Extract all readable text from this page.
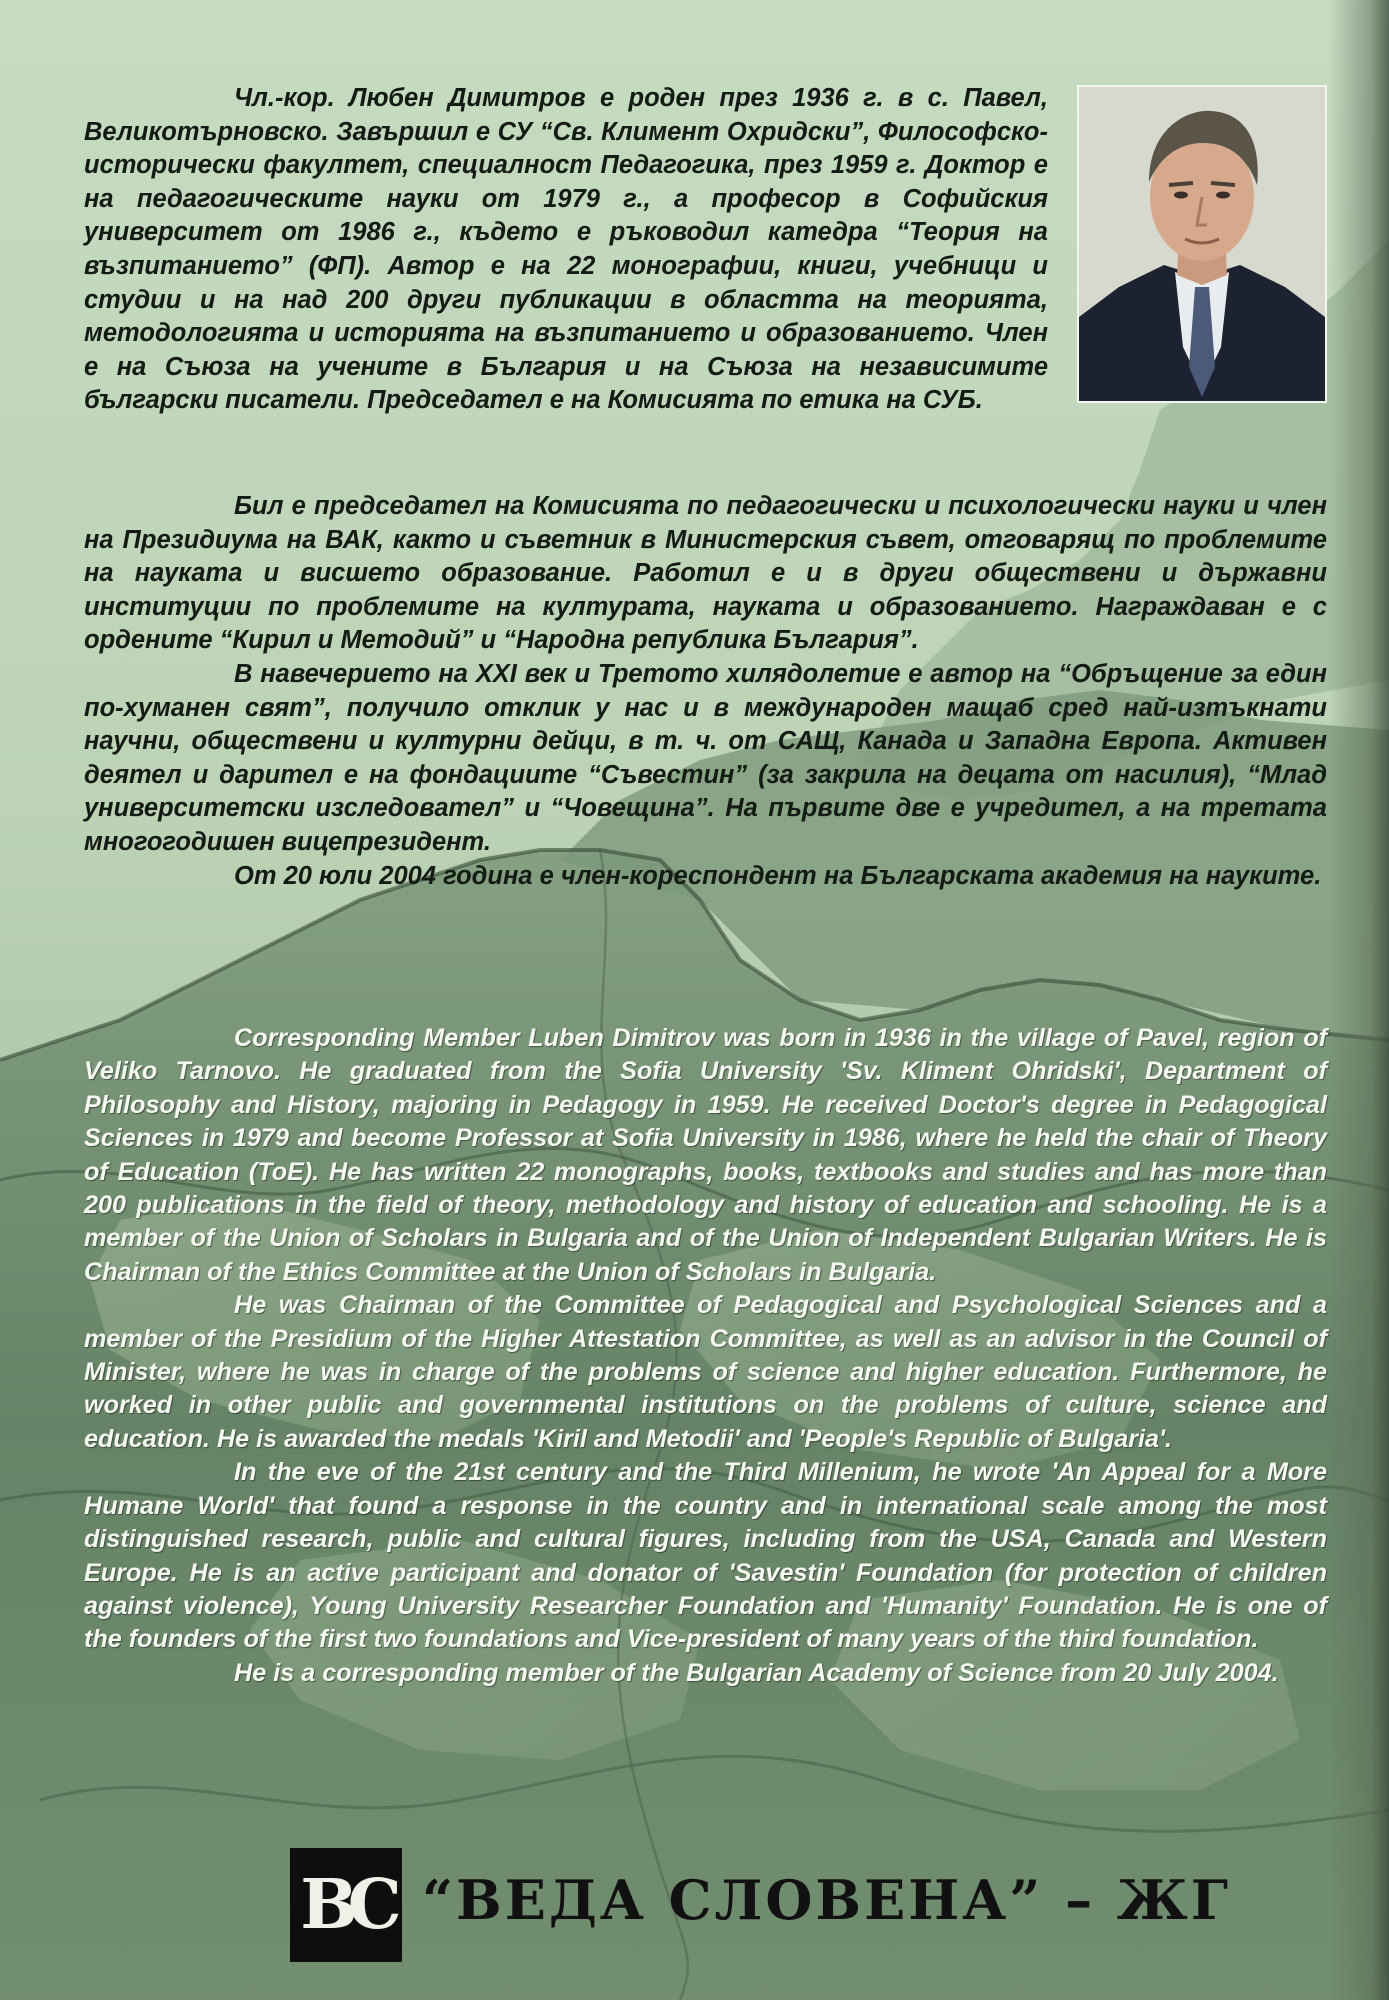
Чл.-кор. Любен Димитров е роден през 1936 г. в с. Павел, Великотърновско. Завършил е СУ “Св. Климент Охридски”, Философско-исторически факултет, специалност Педагогика, през 1959 г. Доктор е на педагогическите науки от 1979 г., а професор в Софийския университет от 1986 г., където е ръководил катедра “Теория на възпитанието” (ФП). Автор е на 22 монографии, книги, учебници и студии и на над 200 други публикации в областта на теорията, методологията и историята на възпитанието и образованието. Член е на Съюза на учените в България и на Съюза на независимите български писатели. Председател е на Комисията по етика на СУБ.

Бил е председател на Комисията по педагогически и психологически науки и член на Президиума на ВАК, както и съветник в Министерския съвет, отговарящ по проблемите на науката и висшето образование. Работил е и в други обществени и държавни институции по проблемите на културата, науката и образованието. Награждаван е с ордените “Кирил и Методий” и “Народна република България”.

В навечерието на XXI век и Третото хилядолетие е автор на “Обръщение за един по-хуманен свят”, получило отклик у нас и в международен мащаб сред най-изтъкнати научни, обществени и културни дейци, в т. ч. от САЩ, Канада и Западна Европа. Активен деятел и дарител е на фондациите “Съвестин” (за закрила на децата от насилия), “Млад университетски изследовател” и “Човещина”. На първите две е учредител, а на третата многогодишен вицепрезидент.

От 20 юли 2004 година е член-кореспондент на Българската академия на науките.

Corresponding Member Luben Dimitrov was born in 1936 in the village of Pavel, region of Veliko Tarnovo. He graduated from the Sofia University 'Sv. Kliment Ohridski', Department of Philosophy and History, majoring in Pedagogy in 1959. He received Doctor's degree in Pedagogical Sciences in 1979 and become Professor at Sofia University in 1986, where he held the chair of Theory of Education (ToE). He has written 22 monographs, books, textbooks and studies and has more than 200 publications in the field of theory, methodology and history of education and schooling. He is a member of the Union of Scholars in Bulgaria and of the Union of Independent Bulgarian Writers. He is Chairman of the Ethics Committee at the Union of Scholars in Bulgaria.

He was Chairman of the Committee of Pedagogical and Psychological Sciences and a member of the Presidium of the Higher Attestation Committee, as well as an advisor in the Council of Minister, where he was in charge of the problems of science and higher education. Furthermore, he worked in other public and governmental institutions on the problems of culture, science and education. He is awarded the medals 'Kiril and Metodii' and 'People's Republic of Bulgaria'.

In the eve of the 21st century and the Third Millenium, he wrote 'An Appeal for a More Humane World' that found a response in the country and in international scale among the most distinguished research, public and cultural figures, including from the USA, Canada and Western Europe. He is an active participant and donator of 'Savestin' Foundation (for protection of children against violence), Young University Researcher Foundation and 'Humanity' Foundation. He is one of the founders of the first two foundations and Vice-president of many years of the third foundation.

He is a corresponding member of the Bulgarian Academy of Science from 20 July 2004.

ВС “ВЕДА СЛОВЕНА” – ЖГ
